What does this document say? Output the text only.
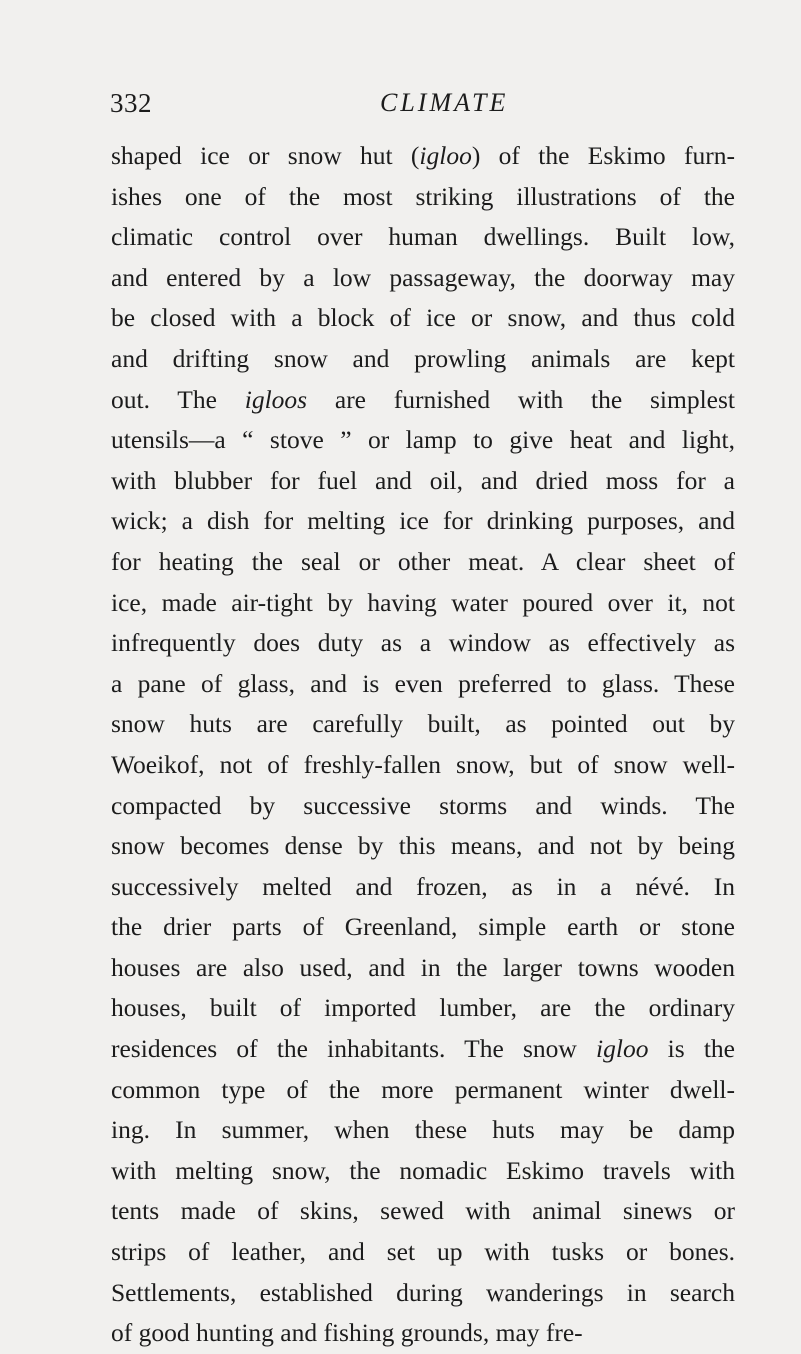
332	CLIMATE
shaped ice or snow hut (igloo) of the Eskimo furn-
ishes one of the most striking illustrations of the
climatic control over human dwellings. Built low,
and entered by a low passageway, the doorway may
be closed with a block of ice or snow, and thus cold
and drifting snow and prowling animals are kept
out. The igloos are furnished with the simplest
utensils—a “ stove ” or lamp to give heat and light,
with blubber for fuel and oil, and dried moss for a
wick; a dish for melting ice for drinking purposes, and
for heating the seal or other meat. A clear sheet of
ice, made air-tight by having water poured over it, not
infrequently does duty as a window as effectively as
a pane of glass, and is even preferred to glass. These
snow huts are carefully built, as pointed out by
Woeikof, not of freshly-fallen snow, but of snow well-
compacted by successive storms and winds. The
snow becomes dense by this means, and not by being
successively melted and frozen, as in a névé. In
the drier parts of Greenland, simple earth or stone
houses are also used, and in the larger towns wooden
houses, built of imported lumber, are the ordinary
residences of the inhabitants. The snow igloo is the
common type of the more permanent winter dwell-
ing. In summer, when these huts may be damp
with melting snow, the nomadic Eskimo travels with
tents made of skins, sewed with animal sinews or
strips of leather, and set up with tusks or bones.
Settlements, established during wanderings in search
of good hunting and fishing grounds, may fre-
